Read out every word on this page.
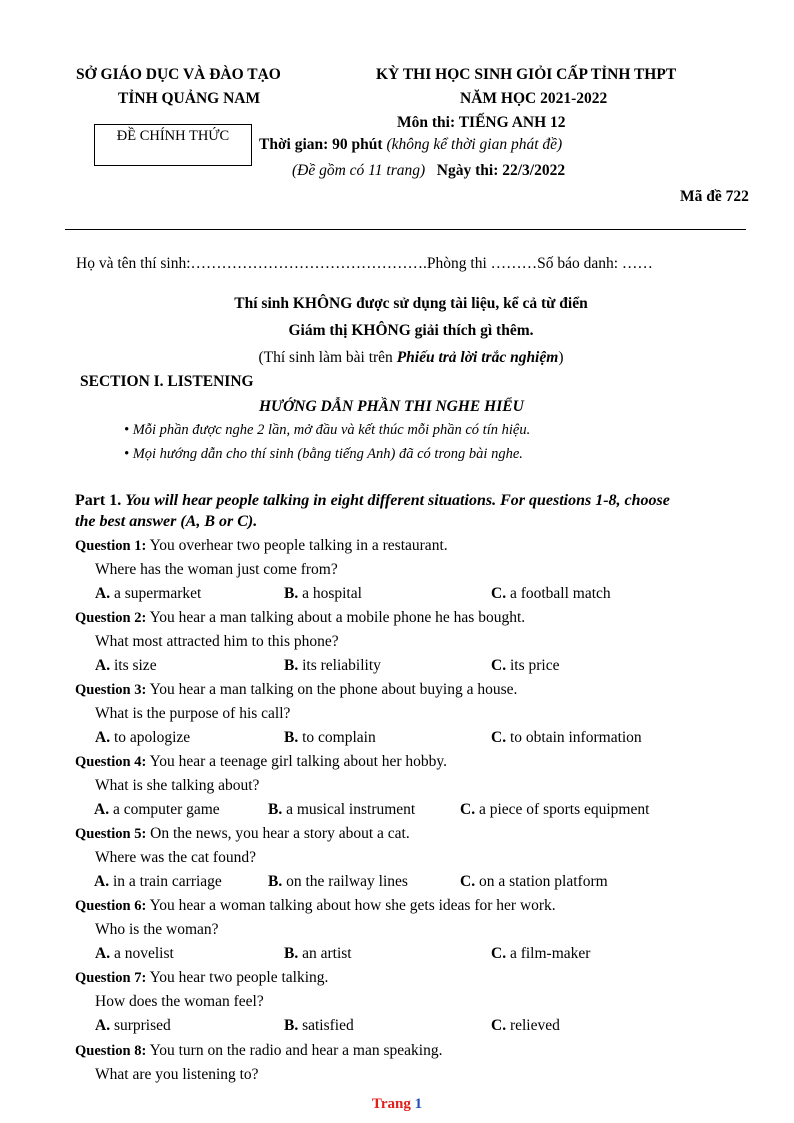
SỞ GIÁO DỤC VÀ ĐÀO TẠO
TỈNH QUẢNG NAM
ĐỀ CHÍNH THỨC
KỲ THI HỌC SINH GIỎI CẤP TỈNH THPT
NĂM HỌC 2021-2022
Môn thi: TIẾNG ANH 12
Thời gian: 90 phút (không kể thời gian phát đề)
(Đề gồm có 11 trang) Ngày thi: 22/3/2022
Mã đề 722
Họ và tên thí sinh:……………………………………….Phòng thi ………Số báo danh: ……
Thí sinh KHÔNG được sử dụng tài liệu, kể cả từ điển
Giám thị KHÔNG giải thích gì thêm.
(Thí sinh làm bài trên Phiếu trả lời trắc nghiệm)
SECTION I. LISTENING
HƯỚNG DẪN PHẦN THI NGHE HIỂU
• Mỗi phần được nghe 2 lần, mở đầu và kết thúc mỗi phần có tín hiệu.
• Mọi hướng dẫn cho thí sinh (bằng tiếng Anh) đã có trong bài nghe.
Part 1. You will hear people talking in eight different situations. For questions 1-8, choose
the best answer (A, B or C).
Question 1: You overhear two people talking in a restaurant.
Where has the woman just come from?
A. a supermarket	B. a hospital	C. a football match
Question 2: You hear a man talking about a mobile phone he has bought.
What most attracted him to this phone?
A. its size	B. its reliability	C. its price
Question 3: You hear a man talking on the phone about buying a house.
What is the purpose of his call?
A. to apologize	B. to complain	C. to obtain information
Question 4: You hear a teenage girl talking about her hobby.
What is she talking about?
A. a computer game	B. a musical instrument	C. a piece of sports equipment
Question 5: On the news, you hear a story about a cat.
Where was the cat found?
A. in a train carriage	B. on the railway lines	C. on a station platform
Question 6: You hear a woman talking about how she gets ideas for her work.
Who is the woman?
A. a novelist	B. an artist	C. a film-maker
Question 7: You hear two people talking.
How does the woman feel?
A. surprised	B. satisfied	C. relieved
Question 8: You turn on the radio and hear a man speaking.
What are you listening to?
Trang 1
